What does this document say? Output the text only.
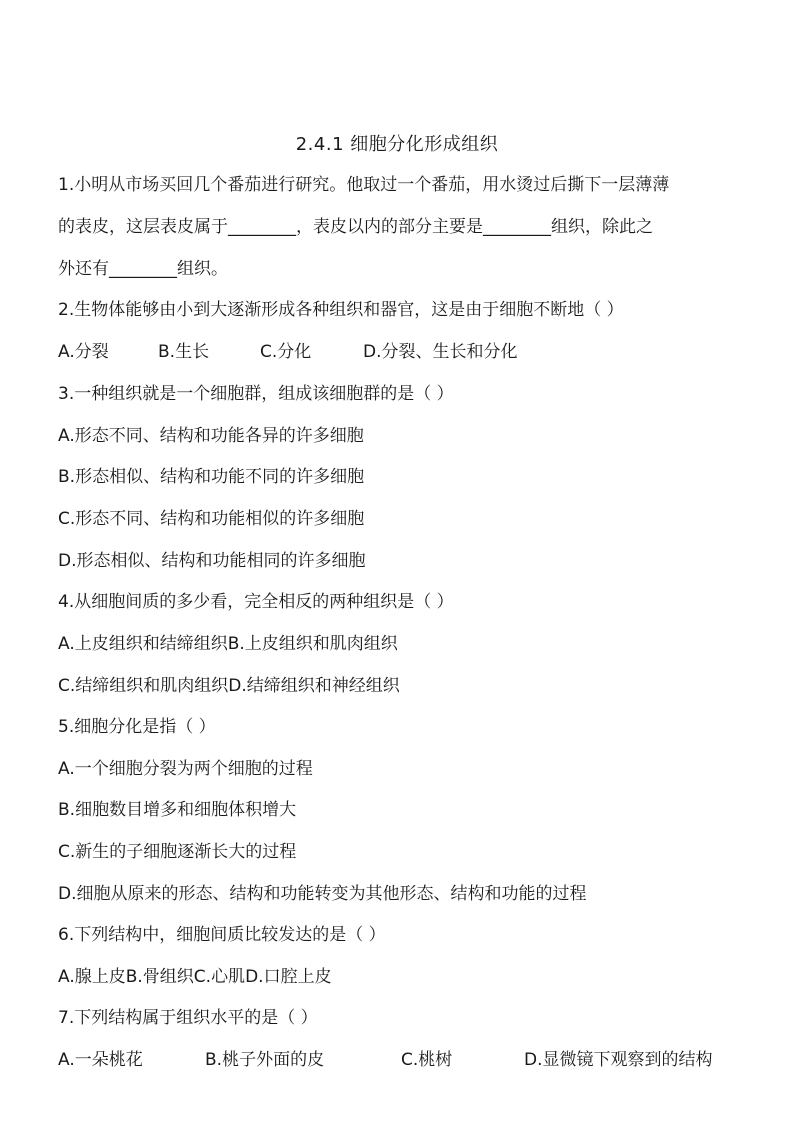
2.4.1 细胞分化形成组织
1.小明从市场买回几个番茄进行研究。他取过一个番茄，用水烫过后撕下一层薄薄
的表皮，这层表皮属于________，表皮以内的部分主要是________组织，除此之
外还有________组织。
2.生物体能够由小到大逐渐形成各种组织和器官，这是由于细胞不断地（ ）
A.分裂	B.生长	C.分化	D.分裂、生长和分化
3.一种组织就是一个细胞群，组成该细胞群的是（ ）
A.形态不同、结构和功能各异的许多细胞
B.形态相似、结构和功能不同的许多细胞
C.形态不同、结构和功能相似的许多细胞
D.形态相似、结构和功能相同的许多细胞
4.从细胞间质的多少看，完全相反的两种组织是（ ）
A.上皮组织和结缔组织B.上皮组织和肌肉组织
C.结缔组织和肌肉组织D.结缔组织和神经组织
5.细胞分化是指（ ）
A.一个细胞分裂为两个细胞的过程
B.细胞数目增多和细胞体积增大
C.新生的子细胞逐渐长大的过程
D.细胞从原来的形态、结构和功能转变为其他形态、结构和功能的过程
6.下列结构中，细胞间质比较发达的是（ ）
A.腺上皮B.骨组织C.心肌D.口腔上皮
7.下列结构属于组织水平的是（ ）
A.一朵桃花	B.桃子外面的皮	C.桃树	D.显微镜下观察到的结构
